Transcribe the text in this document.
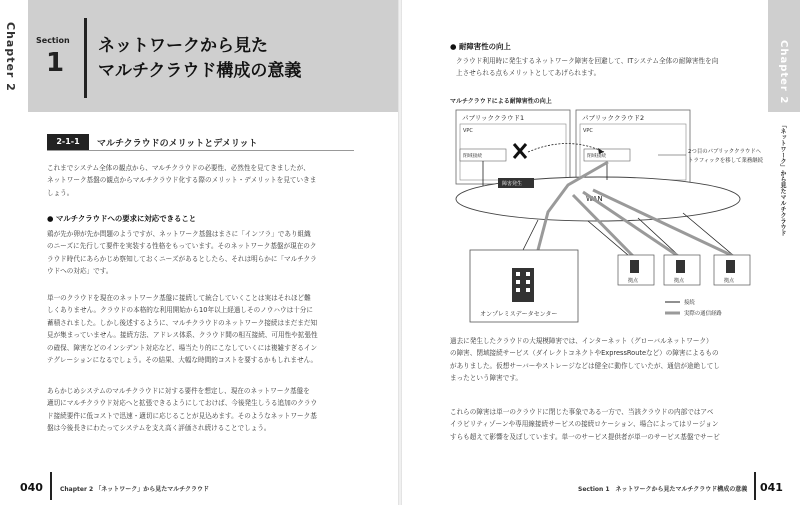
Chapter 2 Section
1
ネットワークから見た
マルチクラウド構成の意義
2-1-1	マルチクラウドのメリットとデメリット
これまでシステム全体の観点から、マルチクラウドの必要性、必然性を見てきましたが、
ネットワーク基盤の観点からマルチクラウド化する際のメリット・デメリットを見ていきま
しょう。
● マルチクラウドへの要求に対応できること
鶏が先か卵が先か問題のようですが、ネットワーク基盤はまさに「インフラ」であり組織
のニーズに先行して要件を実装する性格をもっています。そのネットワーク基盤が現在のク
ラウド時代にあらかじめ察知しておくニーズがあるとしたら、それは明らかに「マルチクラ
ウドへの対応」です。
単一のクラウドを現在のネットワーク基盤に接続して統合していくことは実はそれほど難
しくありません。クラウドの本格的な利用開始から10年以上経過しそのノウハウは十分に
蓄積されました。しかし後述するように、マルチクラウドのネットワーク接続はまだまだ知
見が集まっていません。接続方法、アドレス体系、クラウド間の相互接続、可用性や拡張性
の確保、障害などのインシデント対応など、場当たり的にこなしていくには複雑すぎるイン
テグレーションになるでしょう。その結果、大幅な時間的コストを要するかもしれません。
あらかじめシステムのマルチクラウドに対する要件を想定し、現在のネットワーク基盤を
適切にマルチクラウド対応へと拡張できるようにしておけば、今後発生しうる追加のクラウ
ド接続要件に低コストで迅速・適切に応じることが見込めます。そのようなネットワーク基
盤は今後長きにわたってシステムを支え高く評価され続けることでしょう。
040	Chapter 2 「ネットワーク」から見たマルチクラウド
Chapter 2
「ネットワーク」から見たマルチクラウド
● 耐障害性の向上
クラウド利用時に発生するネットワーク障害を回避して、ITシステム全体の耐障害性を向
上させられる点もメリットとしてあげられます。
マルチクラウドによる耐障害性の向上
パブリッククラウド1
VPC
閉域接続
パブリッククラウド2
VPC
閉域接続
2つ目のパブリッククラウドへ
トラフィックを移して業務継続
WAN
障害発生
オンプレミスデータセンター
拠点	拠点	拠点
接続
実際の通信経路
過去に発生したクラウドの大規模障害では、インターネット（グローバルネットワーク）
の障害、閉域接続サービス（ダイレクトコネクトやExpressRouteなど）の障害によるもの
がありました。仮想サーバーやストレージなどは健全に動作していたが、通信が途絶してし
まったという障害です。
これらの障害は単一のクラウドに閉じた事象である一方で、当該クラウドの内部ではアベ
イラビリティゾーンや専用線接続サービスの接続ロケーション、場合によってはリージョン
すらも超えて影響を及ぼしています。単一のサービス提供者が単一のサービス基盤でサービ
Section 1　ネットワークから見たマルチクラウド構成の意義 041
